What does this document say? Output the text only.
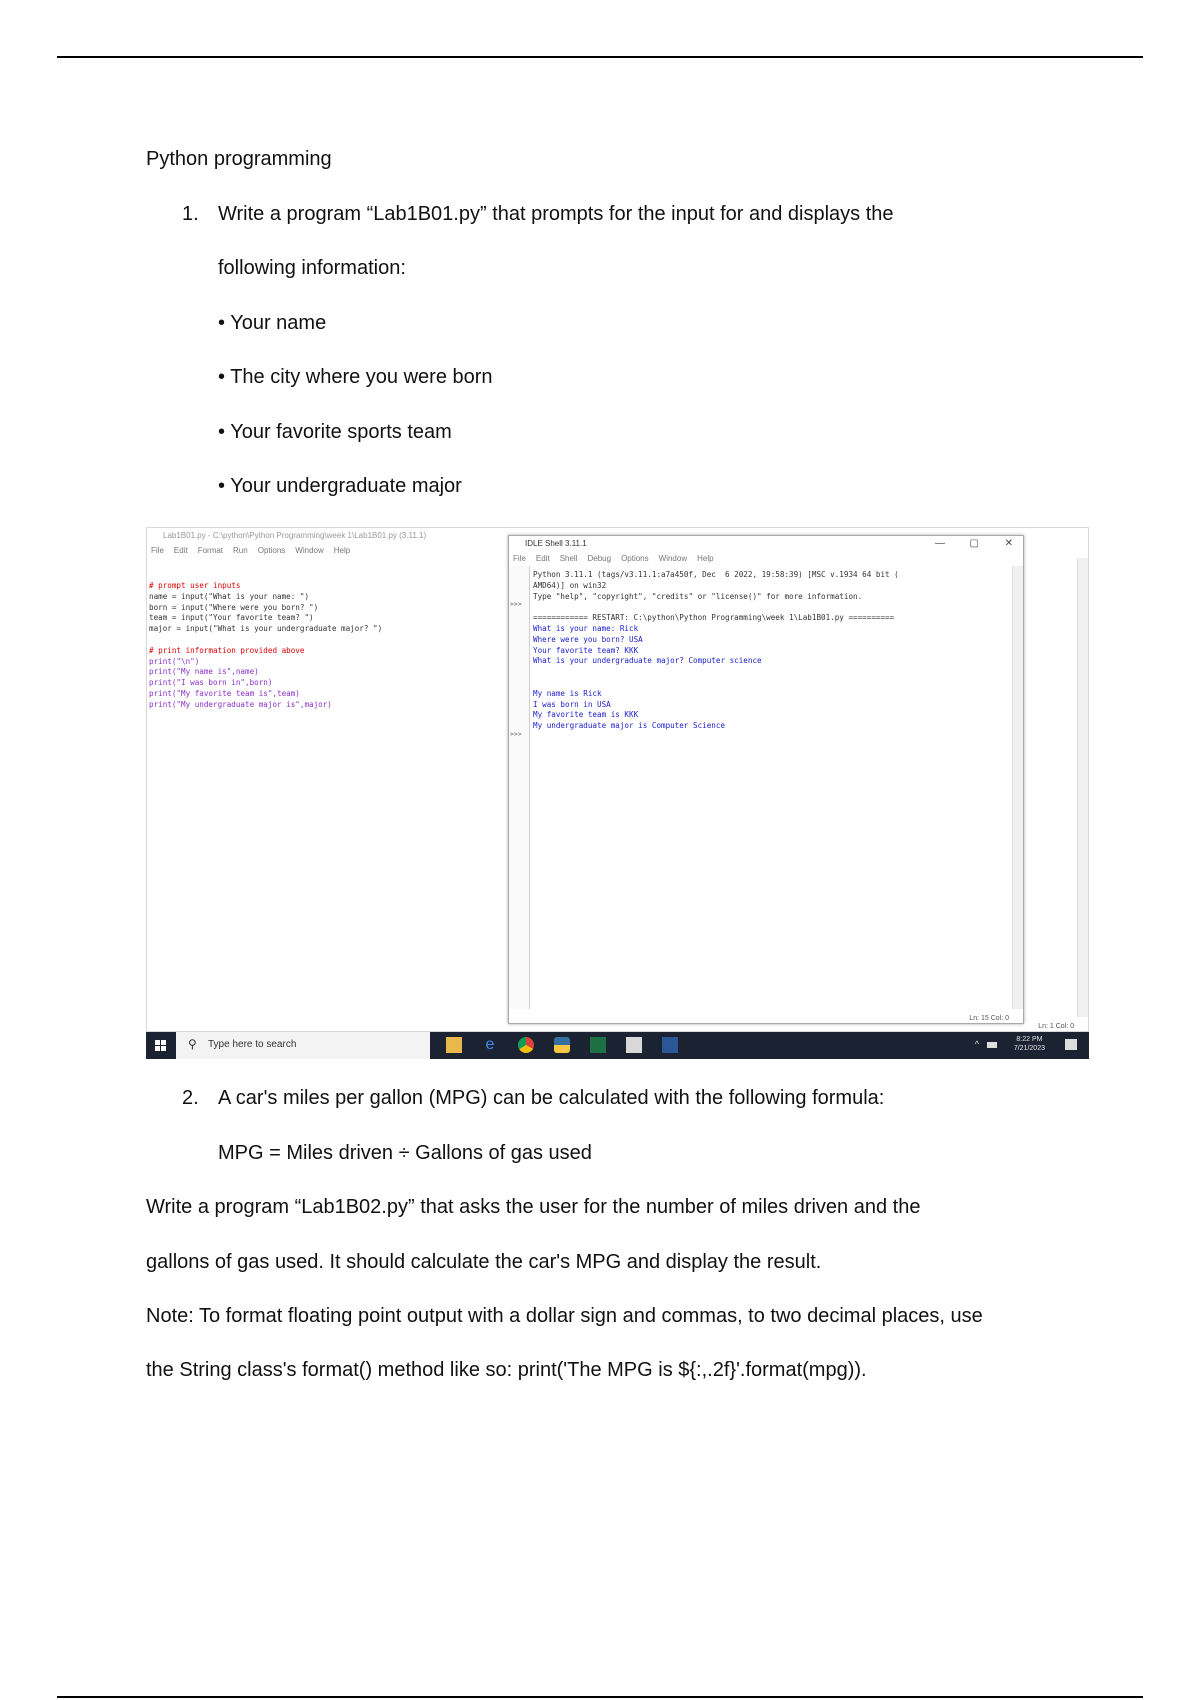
Python programming
1. Write a program “Lab1B01.py” that prompts for the input for and displays the
following information:
• Your name
• The city where you were born
• Your favorite sports team
• Your undergraduate major
Lab1B01.py - C:\python\Python Programming\week 1\Lab1B01.py (3.11.1)
File Edit Format Run Options Window Help
# prompt user inputs
name = input("What is your name: ")
born = input("Where were you born? ")
team = input("Your favorite team? ")
major = input("What is your undergraduate major? ")
# print information provided above
print("\n")
print("My name is",name)
print("I was born in",born)
print("My favorite team is",team)
print("My undergraduate major is",major)
Ln: 1 Col: 0
IDLE Shell 3.11.1	— ▢	✕
File Edit Shell Debug Options Window Help
>>>
>>>
Python 3.11.1 (tags/v3.11.1:a7a450f, Dec  6 2022, 19:58:39) [MSC v.1934 64 bit (
AMD64)] on win32
Type "help", "copyright", "credits" or "license()" for more information.
============ RESTART: C:\python\Python Programming\week 1\Lab1B01.py ==========
What is your name: Rick
Where were you born? USA
Your favorite team? KKK
What is your undergraduate major? Computer science
My name is Rick
I was born in USA
My favorite team is KKK
My undergraduate major is Computer Science
Ln: 15 Col: 0
⚲ Type here to search	e	^	8:22 PM
7/21/2023
2. A car's miles per gallon (MPG) can be calculated with the following formula:
MPG = Miles driven ÷ Gallons of gas used
Write a program “Lab1B02.py” that asks the user for the number of miles driven and the
gallons of gas used. It should calculate the car's MPG and display the result.
Note: To format floating point output with a dollar sign and commas, to two decimal places, use
the String class's format() method like so: print('The MPG is ${:,.2f}'.format(mpg)).
